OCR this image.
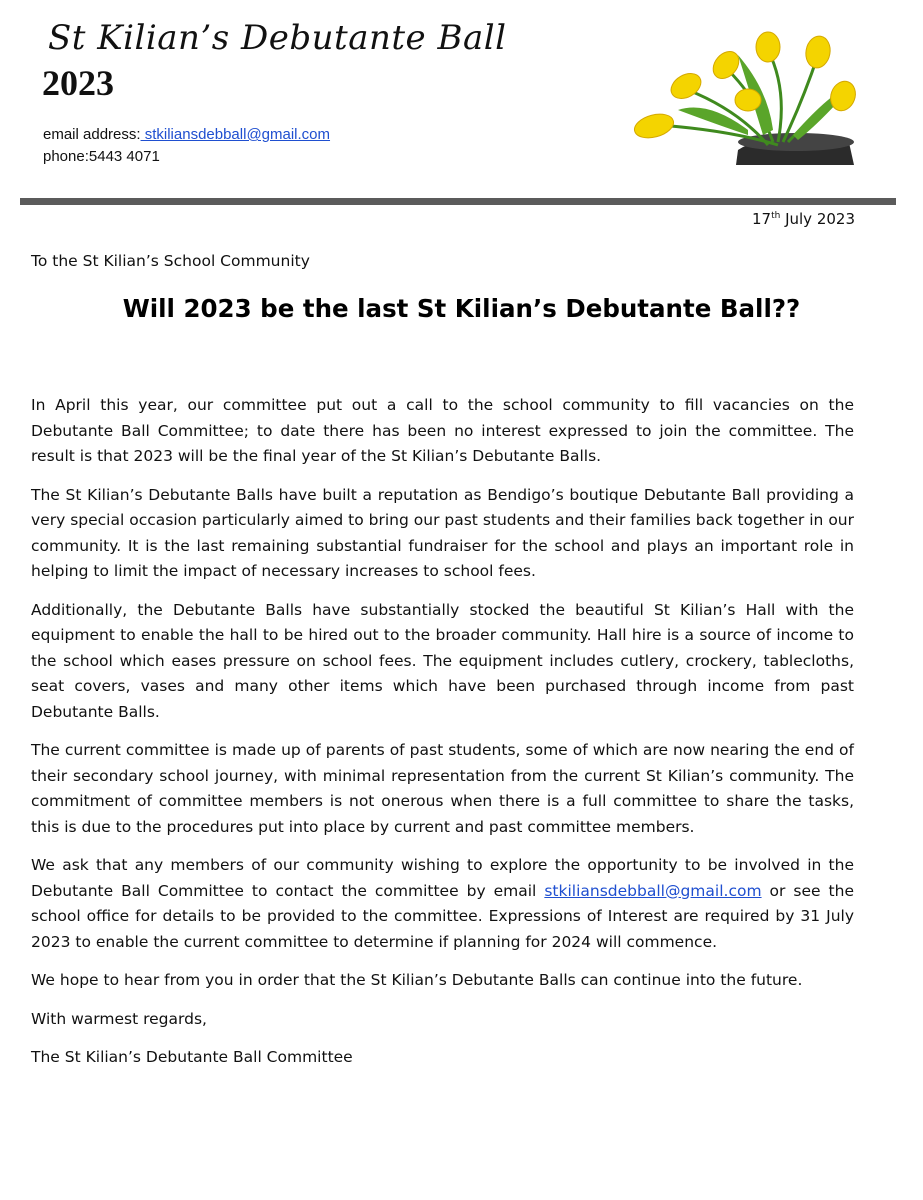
St Kilian’s Debutante Ball
2023
email address: stkiliansdebball@gmail.com
phone:5443 4071
17th July 2023
To the St Kilian’s School Community
Will 2023 be the last St Kilian’s Debutante Ball??

In April this year, our committee put out a call to the school community to fill vacancies on the Debutante Ball Committee; to date there has been no interest expressed to join the committee. The result is that 2023 will be the final year of the St Kilian’s Debutante Balls.

The St Kilian’s Debutante Balls have built a reputation as Bendigo’s boutique Debutante Ball providing a very special occasion particularly aimed to bring our past students and their families back together in our community. It is the last remaining substantial fundraiser for the school and plays an important role in helping to limit the impact of necessary increases to school fees.

Additionally, the Debutante Balls have substantially stocked the beautiful St Kilian’s Hall with the equipment to enable the hall to be hired out to the broader community. Hall hire is a source of income to the school which eases pressure on school fees. The equipment includes cutlery, crockery, tablecloths, seat covers, vases and many other items which have been purchased through income from past Debutante Balls.

The current committee is made up of parents of past students, some of which are now nearing the end of their secondary school journey, with minimal representation from the current St Kilian’s community. The commitment of committee members is not onerous when there is a full committee to share the tasks, this is due to the procedures put into place by current and past committee members.

We ask that any members of our community wishing to explore the opportunity to be involved in the Debutante Ball Committee to contact the committee by email stkiliansdebball@gmail.com or see the school office for details to be provided to the committee. Expressions of Interest are required by 31 July 2023 to enable the current committee to determine if planning for 2024 will commence.

We hope to hear from you in order that the St Kilian’s Debutante Balls can continue into the future.

With warmest regards,

The St Kilian’s Debutante Ball Committee
